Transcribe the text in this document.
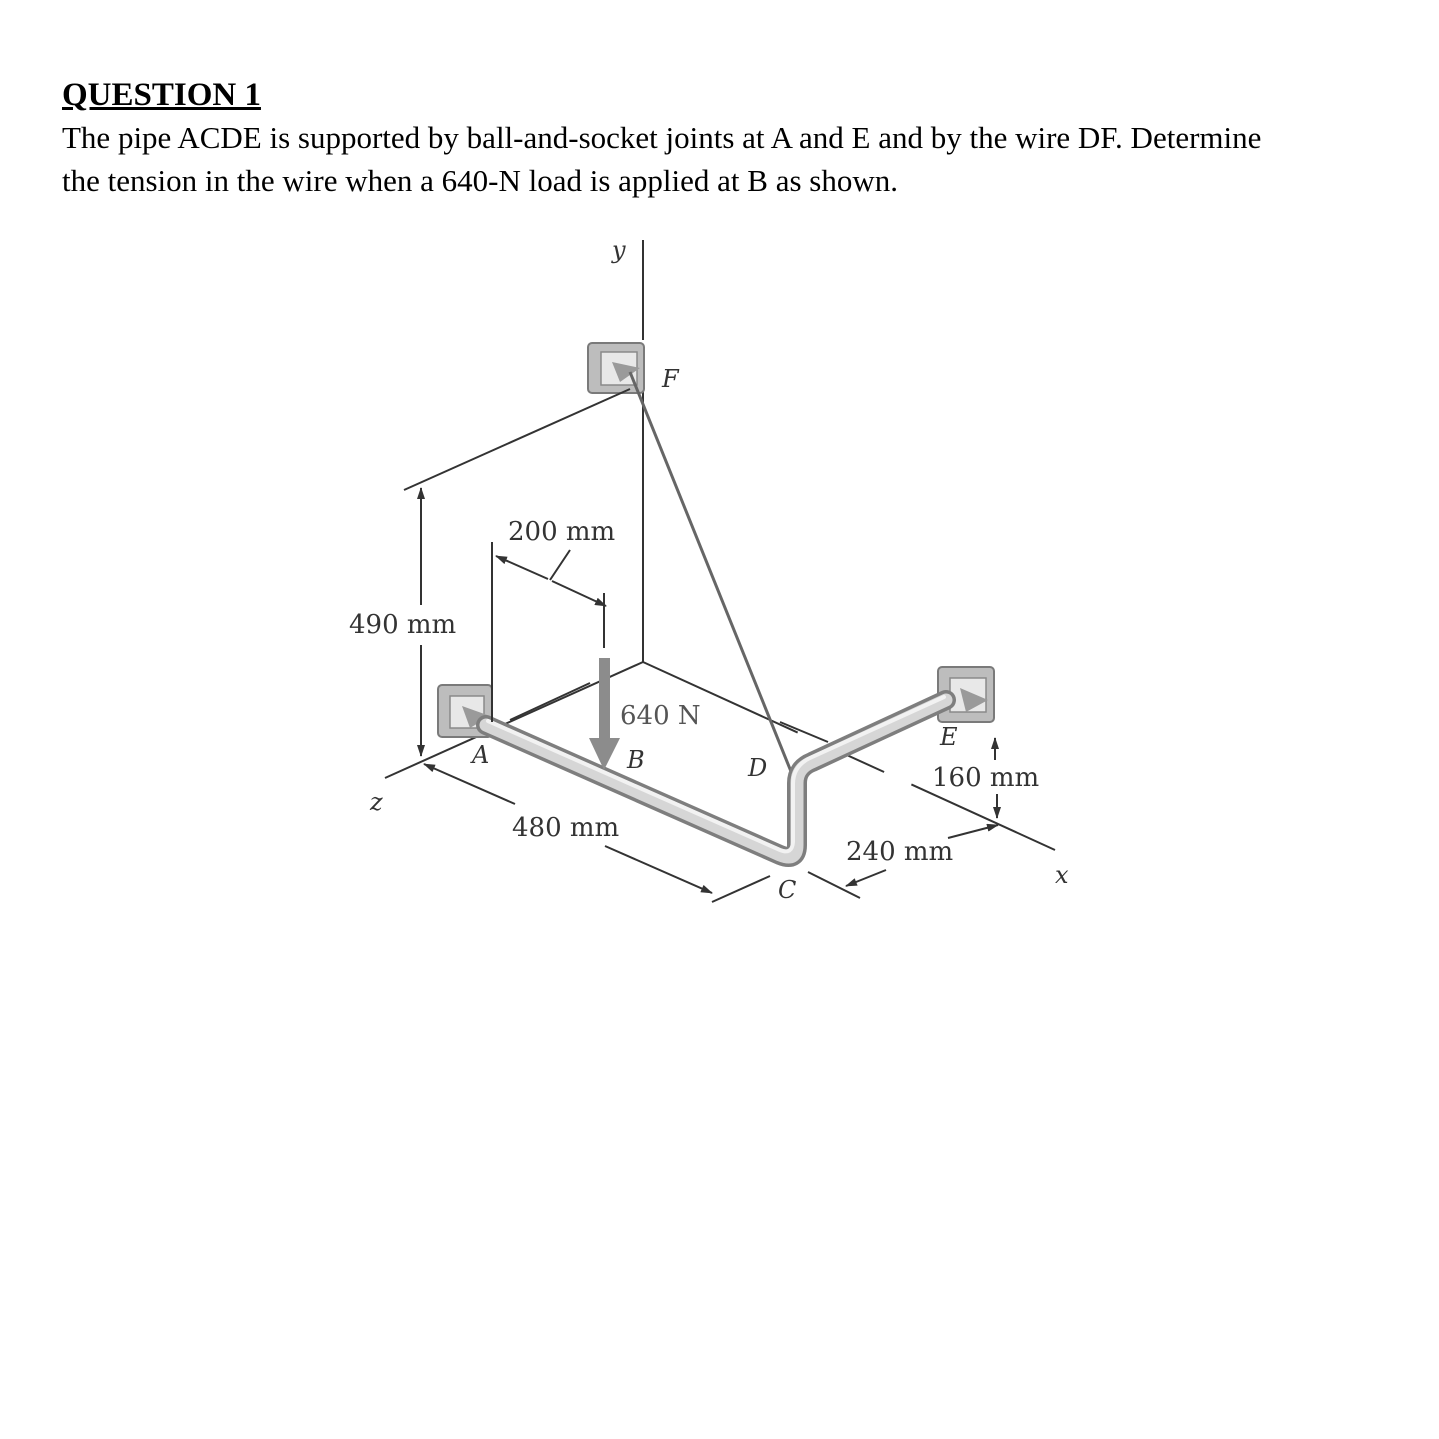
QUESTION 1

The pipe ACDE is supported by ball-and-socket joints at A and E and by the wire DF. Determine

the tension in the wire when a 640-N load is applied at B as shown.

y
z
x
F
A	B
C
D
E
640 N
200 mm
490 mm
480 mm
240 mm
160 mm
